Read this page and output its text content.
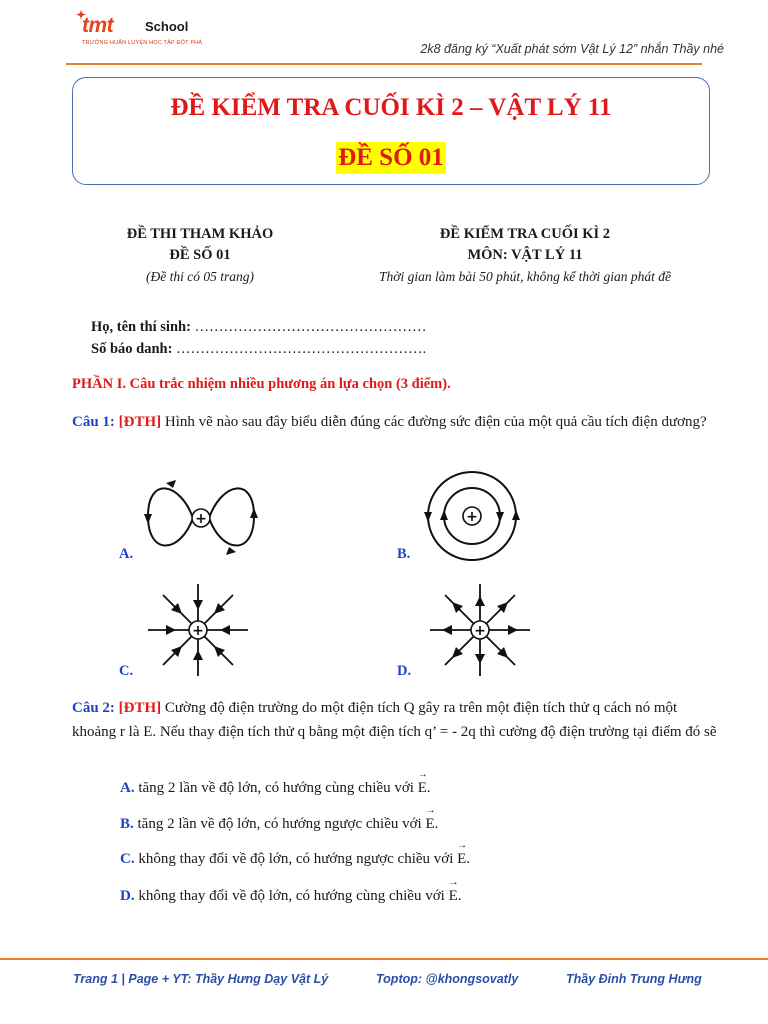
✦
tmt School
TRƯỜNG HUẤN LUYỆN HỌC TẬP ĐỘT PHÁ	2k8 đăng ký “Xuất phát sớm Vật Lý 12” nhắn Thầy nhé
ĐỀ KIỂM TRA CUỐI KÌ 2 – VẬT LÝ 11
ĐỀ SỐ 01
ĐỀ THI THAM KHẢO
ĐỀ SỐ 01
(Đề thi có 05 trang)
ĐỀ KIỂM TRA CUỐI KÌ 2
MÔN: VẬT LÝ 11
Thời gian làm bài 50 phút, không kể thời gian phát đề
Họ, tên thí sinh: …………………………………………
Số báo danh: …………………………………………….
PHẦN I. Câu trắc nhiệm nhiều phương án lựa chọn (3 điểm).
Câu 1: [ĐTH] Hình vẽ nào sau đây biểu diễn đúng các đường sức điện của một quả cầu tích điện dương?
+	+
+	+
A.	B.
C.	D.
Câu 2: [ĐTH] Cường độ điện trường do một điện tích Q gây ra trên một điện tích thử q cách nó một khoảng r là E. Nếu thay điện tích thử q bằng một điện tích q’ = - 2q thì cường độ điện trường tại điểm đó sẽ
A. tăng 2 lần về độ lớn, có hướng cùng chiều với → E.
B. tăng 2 lần về độ lớn, có hướng ngược chiều với → E.
C. không thay đổi về độ lớn, có hướng ngược chiều với → E.
D. không thay đổi về độ lớn, có hướng cùng chiều với → E.
Trang 1 | Page + YT: Thầy Hưng Dạy Vật Lý	Toptop: @khongsovatly	Thầy Đinh Trung Hưng
